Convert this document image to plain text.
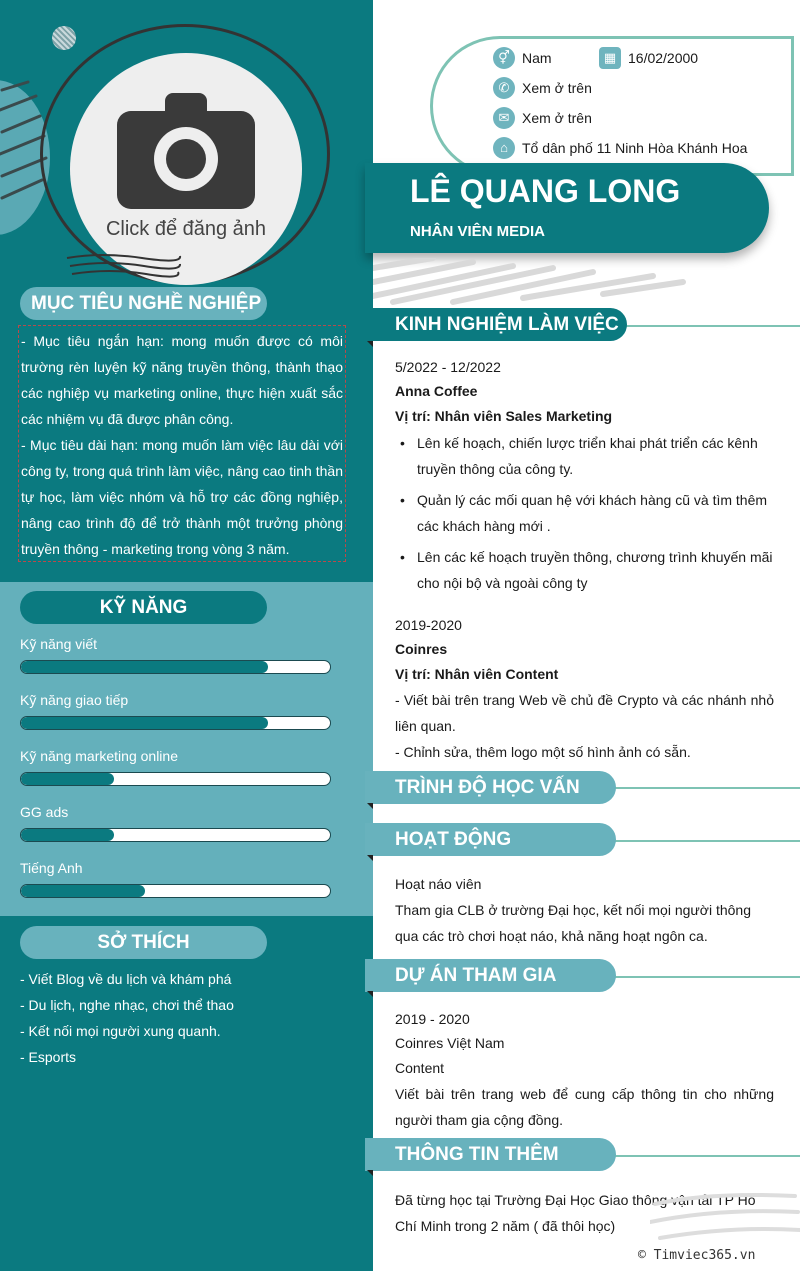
Click để đăng ảnh
MỤC TIÊU NGHỀ NGHIỆP
- Mục tiêu ngắn hạn: mong muốn được có môi trường rèn luyện kỹ năng truyền thông, thành thạo các nghiệp vụ marketing online, thực hiện xuất sắc các nhiệm vụ đã được phân công.
- Mục tiêu dài hạn: mong muốn làm việc lâu dài với công ty, trong quá trình làm việc, nâng cao tinh thần tự học, làm việc nhóm và hỗ trợ các đồng nghiệp, nâng cao trình độ để trở thành một trưởng phòng truyền thông - marketing trong vòng 3 năm.
KỸ NĂNG
Kỹ năng viết
Kỹ năng giao tiếp
Kỹ năng marketing online
GG ads
Tiếng Anh
SỞ THÍCH
- Viết Blog về du lịch và khám phá
- Du lịch, nghe nhạc, chơi thể thao
- Kết nối mọi người xung quanh.
- Esports
⚥ Nam	▦ 16/02/2000
✆ Xem ở trên
✉ Xem ở trên
⌂	Tổ dân phố 11 Ninh Hòa Khánh Hoa
LÊ QUANG LONG
NHÂN VIÊN MEDIA
KINH NGHIỆM LÀM VIỆC
5/2022 - 12/2022
Anna Coffee
Vị trí: Nhân viên Sales Marketing
• Lên kế hoạch, chiến lược triển khai phát triển các kênh truyền thông của công ty.
• Quản lý các mối quan hệ với khách hàng cũ và tìm thêm các khách hàng mới .
• Lên các kế hoạch truyền thông, chương trình khuyến mãi cho nội bộ và ngoài công ty
2019-2020
Coinres
Vị trí: Nhân viên Content
- Viết bài trên trang Web về chủ đề Crypto và các nhánh nhỏ liên quan.
- Chỉnh sửa, thêm logo một số hình ảnh có sẵn.
TRÌNH ĐỘ HỌC VẤN
HOẠT ĐỘNG
Hoạt náo viên
Tham gia CLB ở trường Đại học, kết nối mọi người thông qua các trò chơi hoạt náo, khả năng hoạt ngôn ca.
DỰ ÁN THAM GIA
2019 - 2020
Coinres Việt Nam
Content
Viết bài trên trang web để cung cấp thông tin cho những người tham gia cộng đồng.
THÔNG TIN THÊM
Đã từng học tại Trường Đại Học Giao thông vận tải TP Hồ Chí Minh trong 2 năm ( đã thôi học)
© Timviec365.vn
